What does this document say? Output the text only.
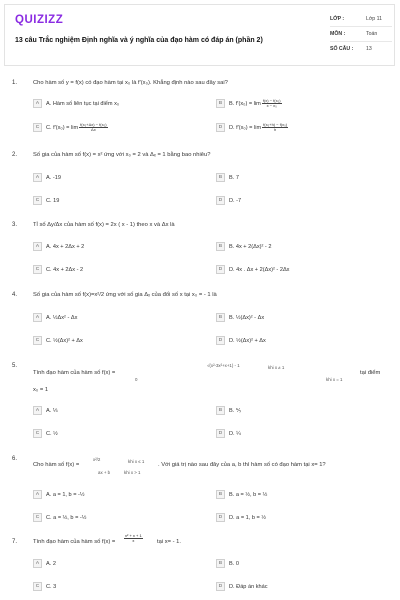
QUIZIZZ
13 câu Trắc nghiệm Định nghĩa và ý nghĩa của đạo hàm có đáp án (phần 2)
LỚP :	Lớp 11
MÔN :	Toán
SỐ CÂU :	13
1.	Cho hàm số y = f(x) có đạo hàm tại x₀ là f'(x₀). Khẳng định nào sau đây sai?
A	A. Hàm số liên tục tại điểm x₀	B	B. $f'(x_0) = \lim \frac{\text{f(x) − f(x₀)}}{\text{x − x₀}}$
C	C. $f'(x_0) = \lim \frac{\text{f(x₀+Δx) − f(x₀)}}{\Delta x}$	D	D. $f'(x_0) = \lim \frac{\text{f(x₀+h) − f(x₀)}}{h}$
2.	Số gia của hàm số f(x) = x² ứng với x₀ = 2 và Δₓ = 1 bằng bao nhiêu?
A	A. -19	B	B. 7
C	C. 19	D	D. -7
3.	Tỉ số Δy/Δx của hàm số f(x) = 2x ( x - 1) theo x và Δx là
A	A. 4x + 2Δx + 2	B	B. 4x + 2(Δx)² - 2
C	C. 4x + 2Δx - 2	D	D. 4x . Δx + 2(Δx)² - 2Δx
4.	Số gia của hàm số f(x)=x²/2 ứng với số gia Δₓ của đối số x tại x₀ = - 1 là
A	A. ½Δx² - Δx	B	B. ½(Δx)² - Δx
C	C. ½(Δx)² + Δx	D	D. ½(Δx)² + Δx
5.
Tính đạo hàm của hàm số f(x) =
√(x²-3x²+x+1) - 1	khi x ≠ 1
0	khi x = 1
tại điểm
x₀ = 1
A	A. ⅓	B	B. ⅕
C	C. ½	D	D. ¼
6.
Cho hàm số f(x) =
x²/2	khi x ≤ 1
ax + b	khi x > 1
. Với giá trị nào sau đây của a, b thì hàm số có đạo hàm tại x= 1?
A	A. a = 1, b = -½	B	B. a = ½, b = ½
C	C. a = ½, b = -½	D	D. a = 1, b = ½
7.	Tính đạo hàm của hàm số $f(x) = \frac{\text{x² + x + 1}}{x}$ tại x= - 1.
A	A. 2	B	B. 0
C	C. 3	D	D. Đáp án khác
